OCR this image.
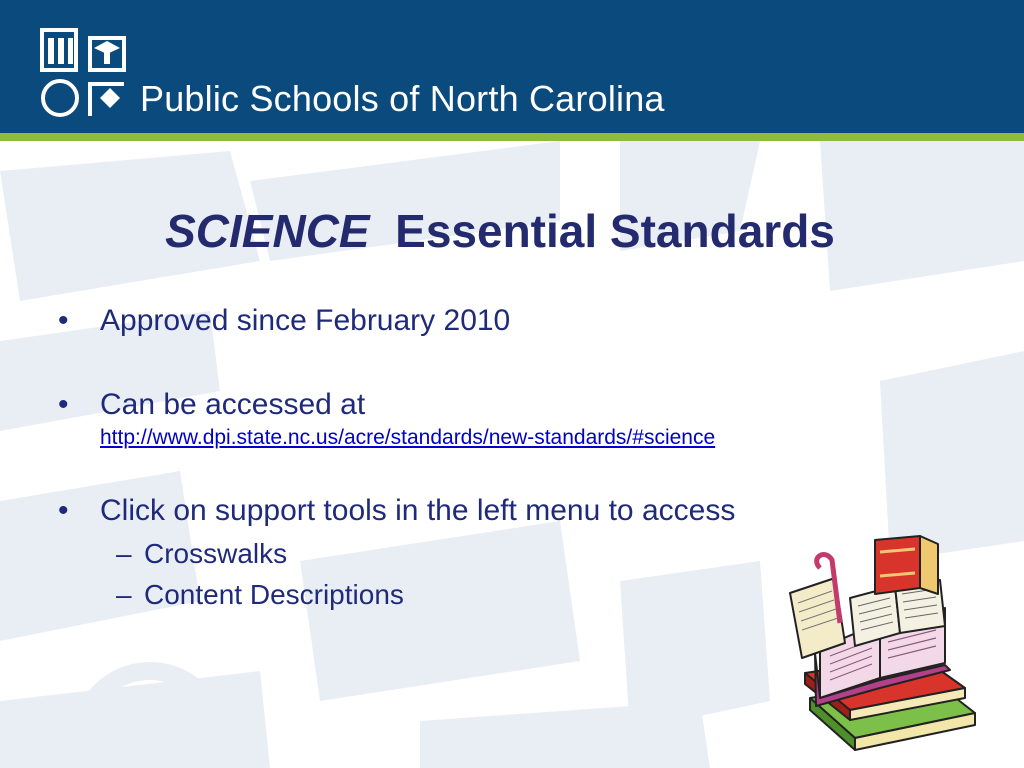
Public Schools of North Carolina
SCIENCE Essential Standards
• Approved since February 2010
• Can be accessed at
http://www.dpi.state.nc.us/acre/standards/new-standards/#science
• Click on support tools in the left menu to access
– Crosswalks
– Content Descriptions
